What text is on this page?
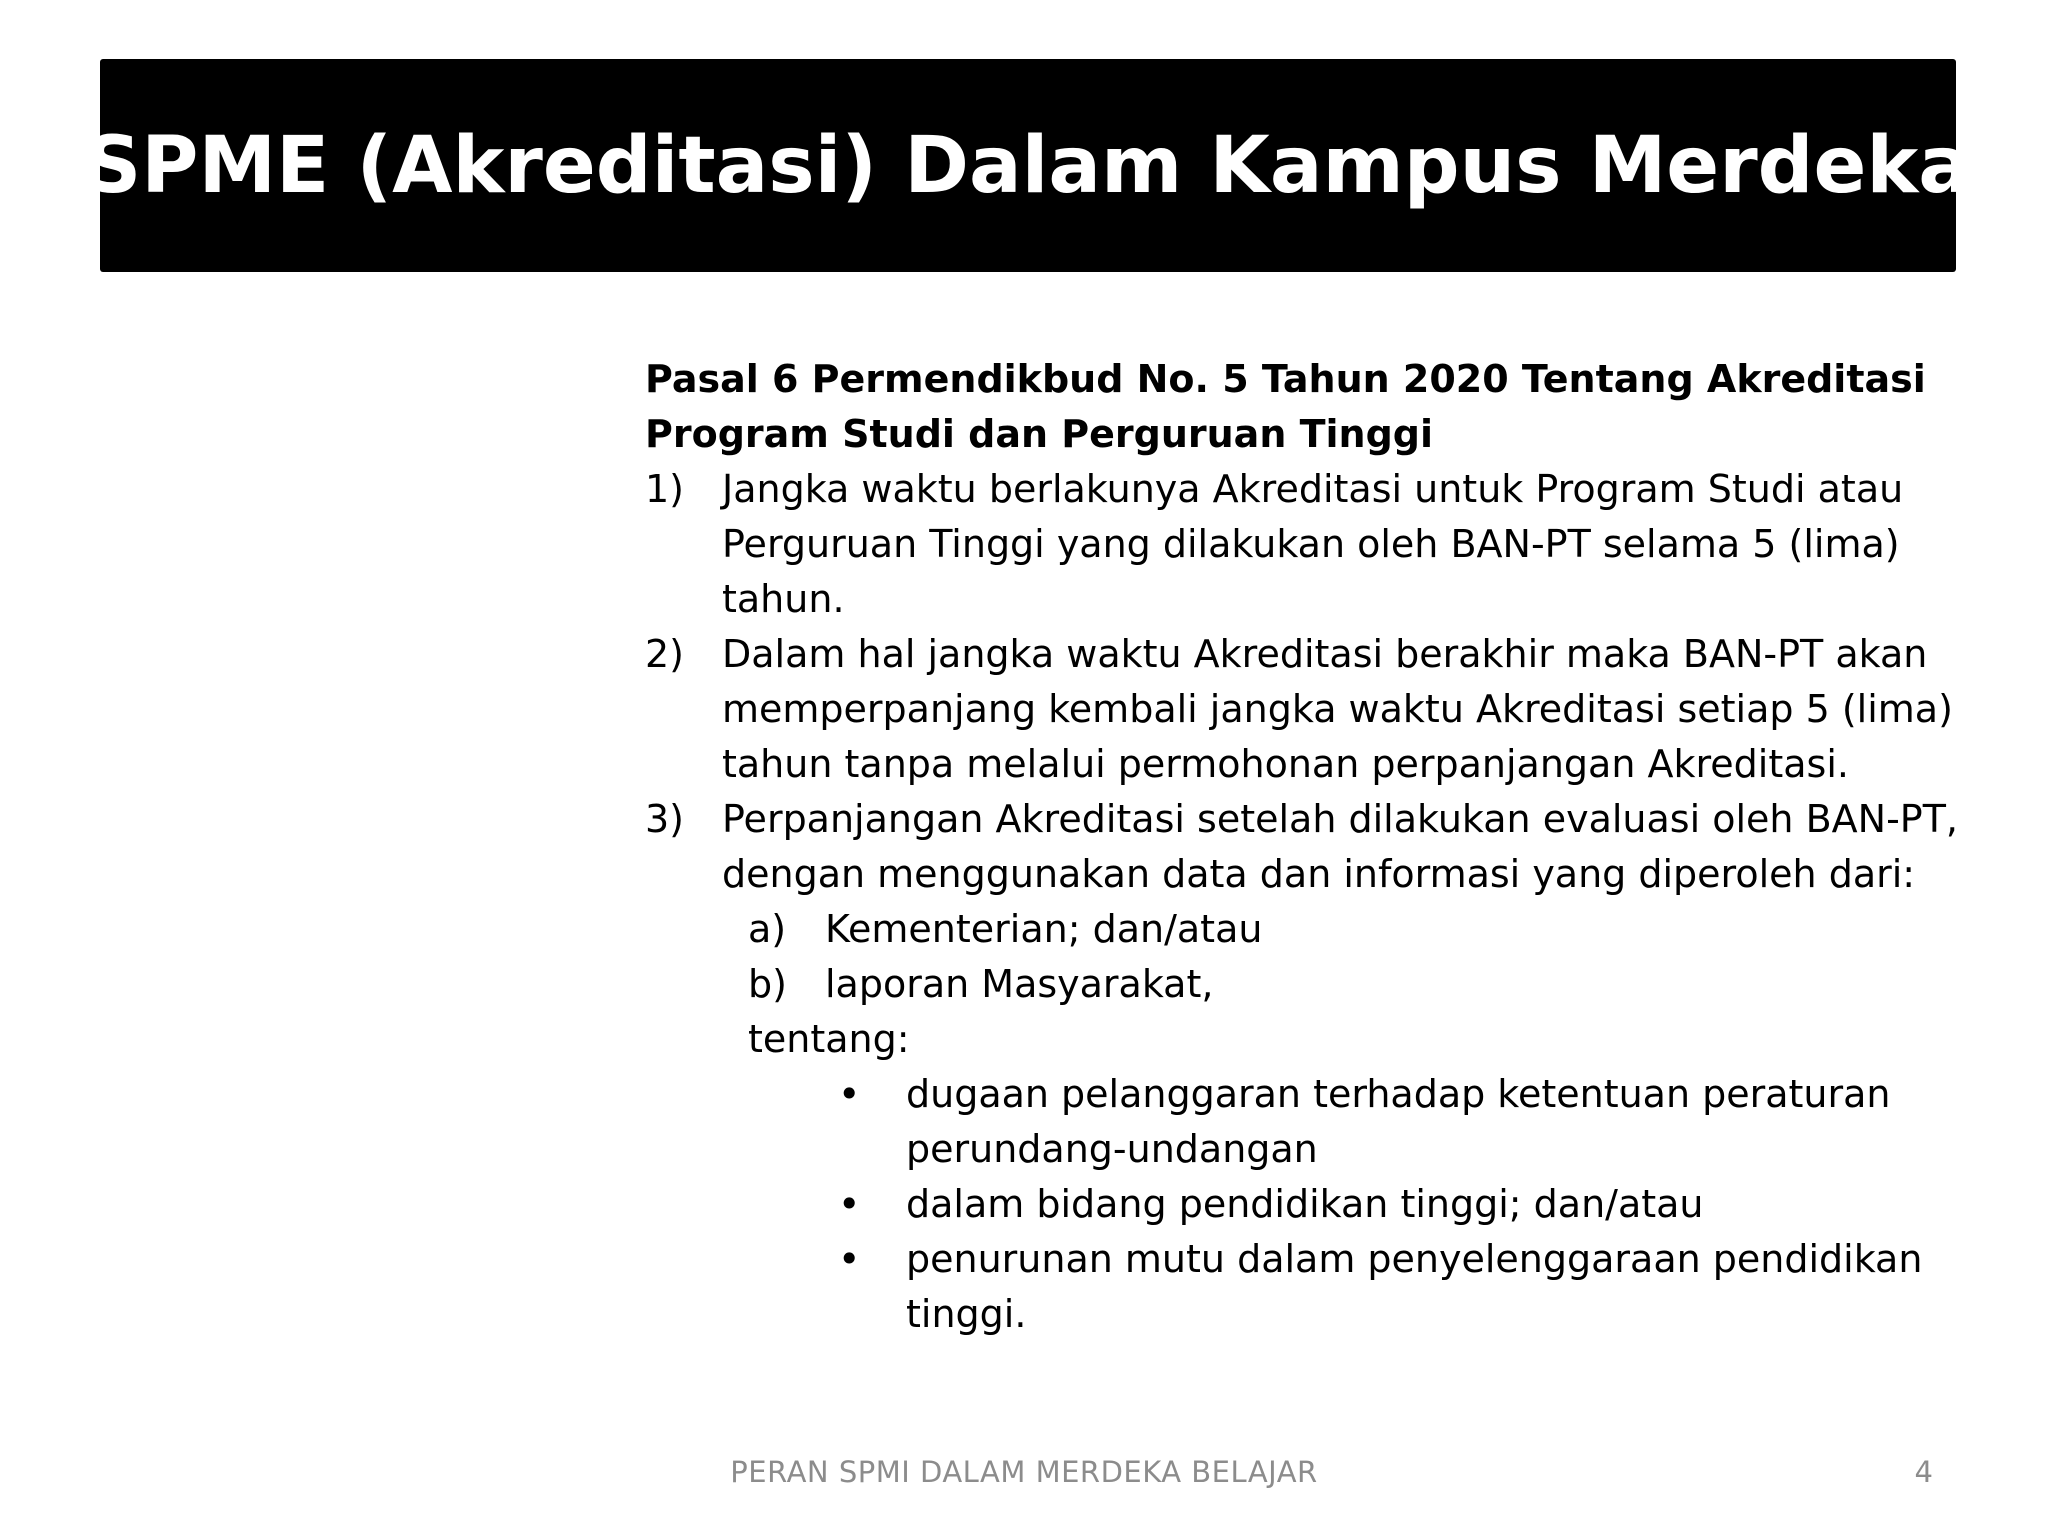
SPME (Akreditasi) Dalam Kampus Merdeka

Pasal 6 Permendikbud No. 5 Tahun 2020 Tentang Akreditasi

Program Studi dan Perguruan Tinggi

1) Jangka waktu berlakunya Akreditasi untuk Program Studi atau Perguruan Tinggi yang dilakukan oleh BAN-PT selama 5 (lima) tahun.
2) Dalam hal jangka waktu Akreditasi berakhir maka BAN-PT akan memperpanjang kembali jangka waktu Akreditasi setiap 5 (lima) tahun tanpa melalui permohonan perpanjangan Akreditasi.
3) Perpanjangan Akreditasi setelah dilakukan evaluasi oleh BAN-PT, dengan menggunakan data dan informasi yang diperoleh dari:
a)	Kementerian; dan/atau
b)	laporan Masyarakat,
tentang:
•	dugaan pelanggaran terhadap ketentuan peraturan perundang-undangan
•	dalam bidang pendidikan tinggi; dan/atau
•	penurunan mutu dalam penyelenggaraan pendidikan tinggi.
PERAN SPMI DALAM MERDEKA BELAJAR	4
